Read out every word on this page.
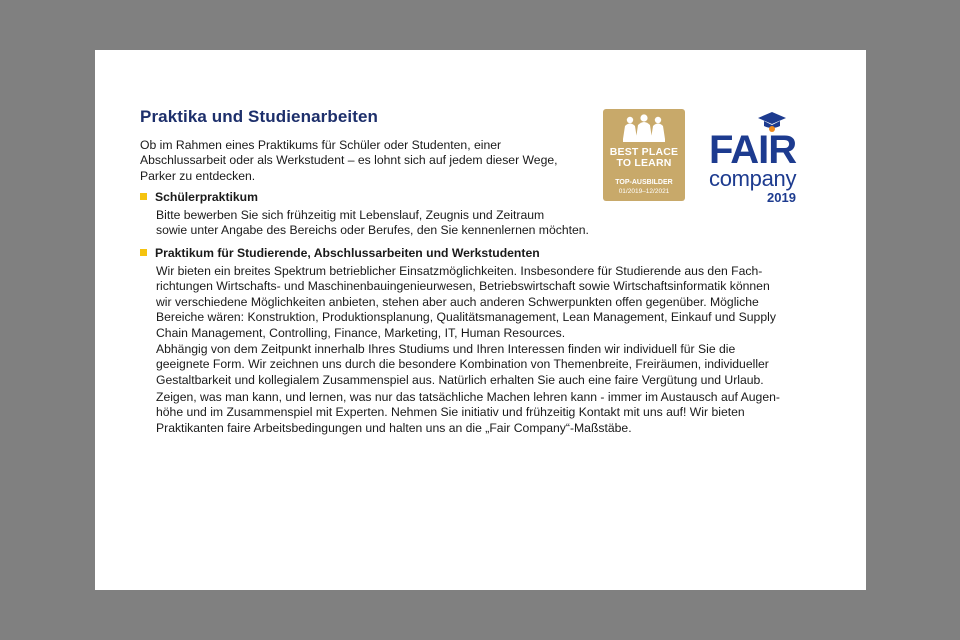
Praktika und Studienarbeiten

Ob im Rahmen eines Praktikums für Schüler oder Studenten, einer
Abschlussarbeit oder als Werkstudent – es lohnt sich auf jedem dieser Wege,
Parker zu entdecken.

Schülerpraktikum

Bitte bewerben Sie sich frühzeitig mit Lebenslauf, Zeugnis und Zeitraum
sowie unter Angabe des Bereichs oder Berufes, den Sie kennenlernen möchten.

Praktikum für Studierende, Abschlussarbeiten und Werkstudenten

Wir bieten ein breites Spektrum betrieblicher Einsatzmöglichkeiten. Insbesondere für Studierende aus den Fach-
richtungen Wirtschafts- und Maschinenbauingenieurwesen, Betriebswirtschaft sowie Wirtschaftsinformatik können
wir verschiedene Möglichkeiten anbieten, stehen aber auch anderen Schwerpunkten offen gegenüber. Mögliche
Bereiche wären: Konstruktion, Produktionsplanung, Qualitätsmanagement, Lean Management, Einkauf und Supply
Chain Management, Controlling, Finance, Marketing, IT, Human Resources.

Abhängig von dem Zeitpunkt innerhalb Ihres Studiums und Ihren Interessen finden wir individuell für Sie die
geeignete Form. Wir zeichnen uns durch die besondere Kombination von Themenbreite, Freiräumen, individueller
Gestaltbarkeit und kollegialem Zusammenspiel aus. Natürlich erhalten Sie auch eine faire Vergütung und Urlaub.

Zeigen, was man kann, und lernen, was nur das tatsächliche Machen lehren kann - immer im Austausch auf Augen-
höhe und im Zusammenspiel mit Experten. Nehmen Sie initiativ und frühzeitig Kontakt mit uns auf! Wir bieten
Praktikanten faire Arbeitsbedingungen und halten uns an die „Fair Company“-Maßstäbe.

BEST PLACE
TO LEARN
TOP-AUSBILDER
01/2019–12/2021
FAIR
company
2019
